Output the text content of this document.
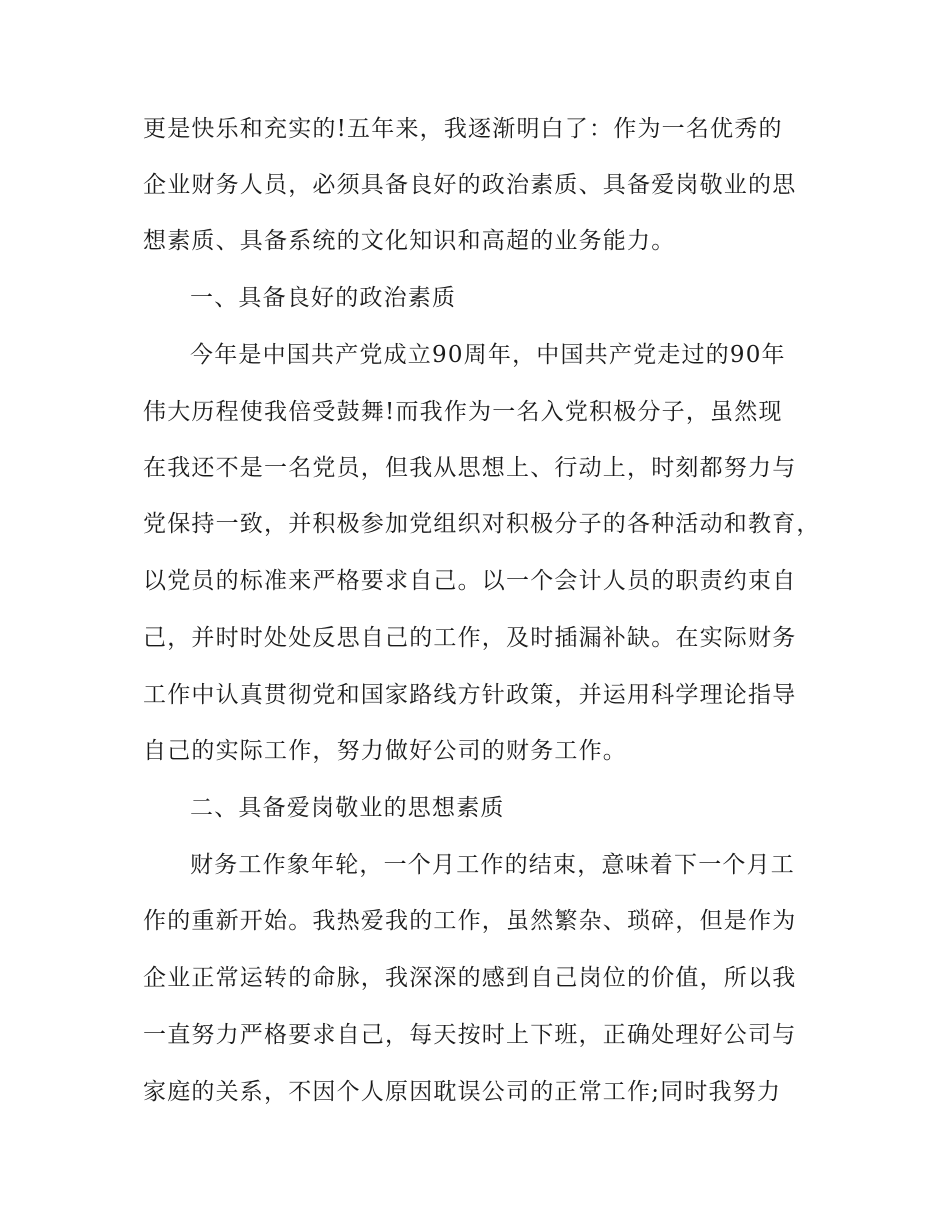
更是快乐和充实的!五年来，我逐渐明白了：作为一名优秀的
企业财务人员，必须具备良好的政治素质、具备爱岗敬业的思
想素质、具备系统的文化知识和高超的业务能力。
一、具备良好的政治素质
今年是中国共产党成立90周年，中国共产党走过的90年
伟大历程使我倍受鼓舞!而我作为一名入党积极分子，虽然现
在我还不是一名党员，但我从思想上、行动上，时刻都努力与
党保持一致，并积极参加党组织对积极分子的各种活动和教育，
以党员的标准来严格要求自己。以一个会计人员的职责约束自
己，并时时处处反思自己的工作，及时插漏补缺。在实际财务
工作中认真贯彻党和国家路线方针政策，并运用科学理论指导
自己的实际工作，努力做好公司的财务工作。
二、具备爱岗敬业的思想素质
财务工作象年轮，一个月工作的结束，意味着下一个月工
作的重新开始。我热爱我的工作，虽然繁杂、琐碎，但是作为
企业正常运转的命脉，我深深的感到自己岗位的价值，所以我
一直努力严格要求自己，每天按时上下班，正确处理好公司与
家庭的关系，不因个人原因耽误公司的正常工作;同时我努力
